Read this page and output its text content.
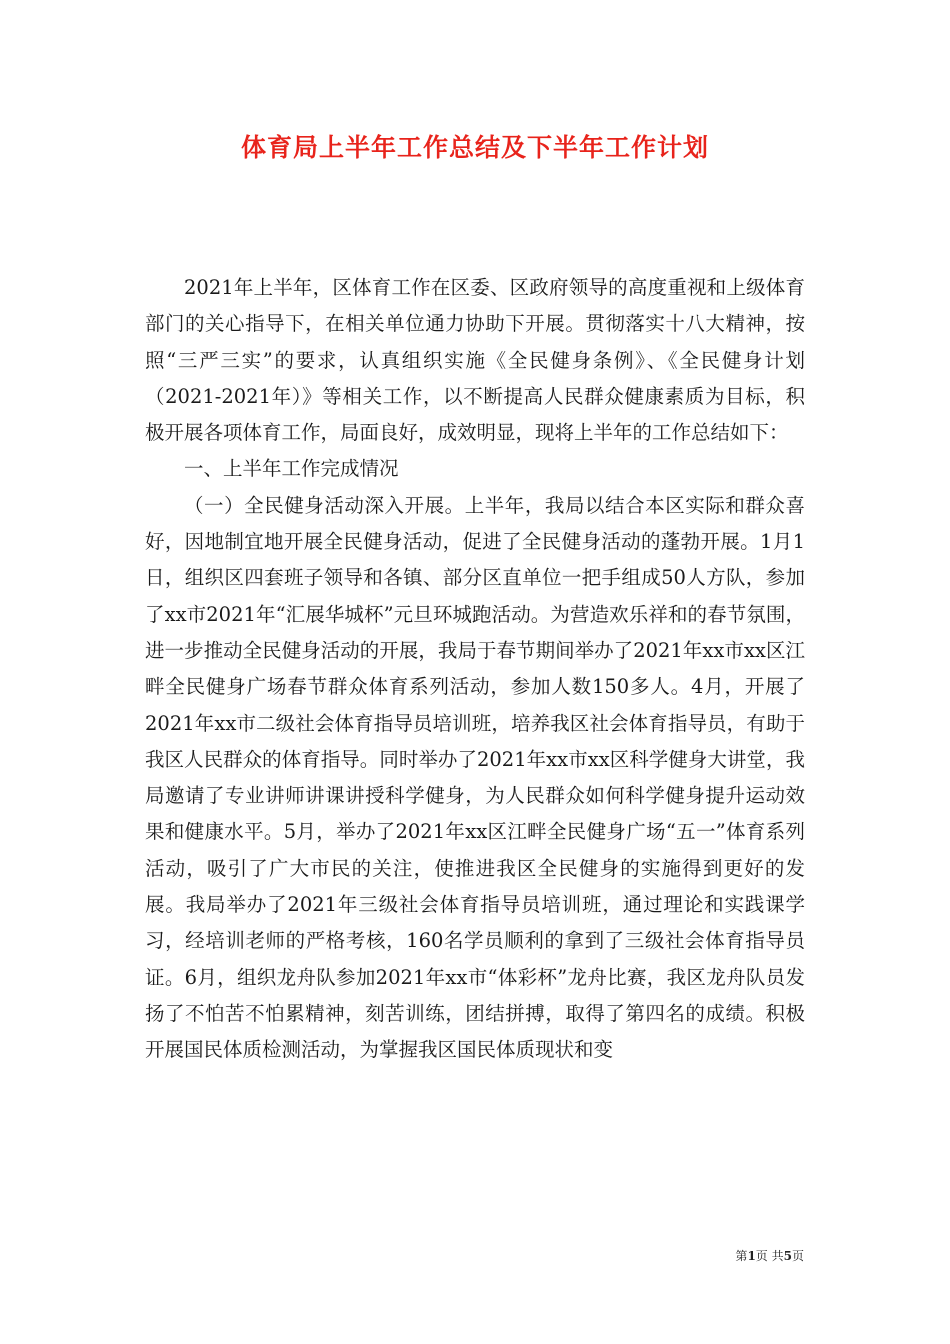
体育局上半年工作总结及下半年工作计划

2021年上半年，区体育工作在区委、区政府领导的高度重视和上级体育部门的关心指导下，在相关单位通力协助下开展。贯彻落实十八大精神，按照“三严三实”的要求，认真组织实施《全民健身条例》、《全民健身计划（2021-2021年）》等相关工作，以不断提高人民群众健康素质为目标，积极开展各项体育工作，局面良好，成效明显，现将上半年的工作总结如下：

一、上半年工作完成情况

（一）全民健身活动深入开展。上半年，我局以结合本区实际和群众喜好，因地制宜地开展全民健身活动，促进了全民健身活动的蓬勃开展。1月1日，组织区四套班子领导和各镇、部分区直单位一把手组成50人方队，参加了xx市2021年“汇展华城杯”元旦环城跑活动。为营造欢乐祥和的春节氛围，进一步推动全民健身活动的开展，我局于春节期间举办了2021年xx市xx区江畔全民健身广场春节群众体育系列活动，参加人数150多人。4月，开展了2021年xx市二级社会体育指导员培训班，培养我区社会体育指导员，有助于我区人民群众的体育指导。同时举办了2021年xx市xx区科学健身大讲堂，我局邀请了专业讲师讲课讲授科学健身，为人民群众如何科学健身提升运动效果和健康水平。5月，举办了2021年xx区江畔全民健身广场“五一”体育系列活动，吸引了广大市民的关注，使推进我区全民健身的实施得到更好的发展。我局举办了2021年三级社会体育指导员培训班，通过理论和实践课学习，经培训老师的严格考核，160名学员顺利的拿到了三级社会体育指导员证。6月，组织龙舟队参加2021年xx市“体彩杯”龙舟比赛，我区龙舟队员发扬了不怕苦不怕累精神，刻苦训练，团结拼搏，取得了第四名的成绩。积极开展国民体质检测活动，为掌握我区国民体质现状和变

第1页 共5页
